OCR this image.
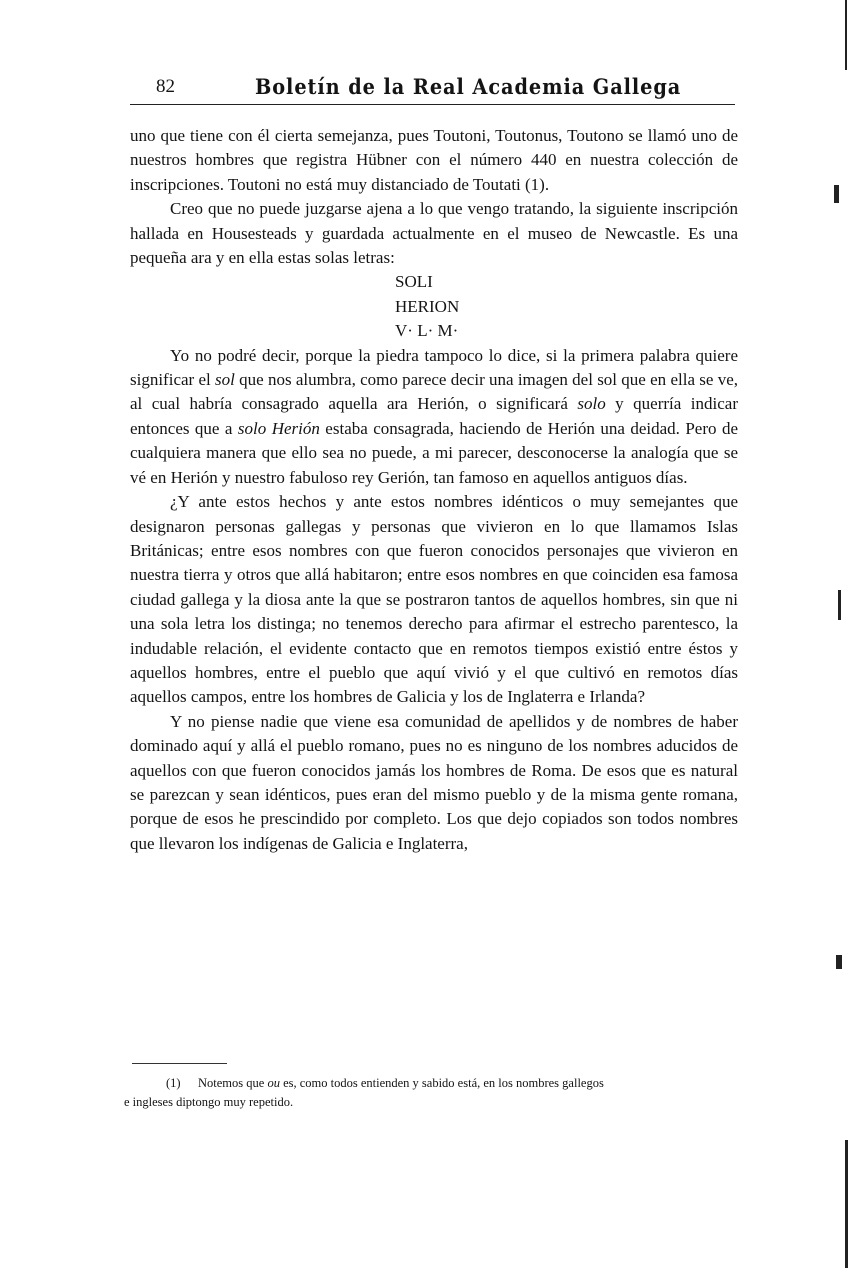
82	Boletín de la Real Academia Gallega

uno que tiene con él cierta semejanza, pues Toutoni, Toutonus, Toutono se llamó uno de nuestros hombres que registra Hübner con el número 440 en nuestra colección de inscripciones. Toutoni no está muy distanciado de Toutati (1).

Creo que no puede juzgarse ajena a lo que vengo tratando, la siguiente inscripción hallada en Housesteads y guardada actualmente en el museo de Newcastle. Es una pequeña ara y en ella estas solas letras:

SOLI
HERION
V· L· M·

Yo no podré decir, porque la piedra tampoco lo dice, si la primera palabra quiere significar el sol que nos alumbra, como parece decir una imagen del sol que en ella se ve, al cual habría consagrado aquella ara Herión, o significará solo y querría indicar entonces que a solo Herión estaba consagrada, haciendo de Herión una deidad. Pero de cualquiera manera que ello sea no puede, a mi parecer, desconocerse la analogía que se vé en Herión y nuestro fabuloso rey Gerión, tan famoso en aquellos antiguos días.

¿Y ante estos hechos y ante estos nombres idénticos o muy semejantes que designaron personas gallegas y personas que vivieron en lo que llamamos Islas Británicas; entre esos nombres con que fueron conocidos personajes que vivieron en nuestra tierra y otros que allá habitaron; entre esos nombres en que coinciden esa famosa ciudad gallega y la diosa ante la que se postraron tantos de aquellos hombres, sin que ni una sola letra los distinga; no tenemos derecho para afirmar el estrecho parentesco, la indudable relación, el evidente contacto que en remotos tiempos existió entre éstos y aquellos hombres, entre el pueblo que aquí vivió y el que cultivó en remotos días aquellos campos, entre los hombres de Galicia y los de Inglaterra e Irlanda?

Y no piense nadie que viene esa comunidad de apellidos y de nombres de haber dominado aquí y allá el pueblo romano, pues no es ninguno de los nombres aducidos de aquellos con que fueron conocidos jamás los hombres de Roma. De esos que es natural se parezcan y sean idénticos, pues eran del mismo pueblo y de la misma gente romana, porque de esos he prescindido por completo. Los que dejo copiados son todos nombres que llevaron los indígenas de Galicia e Inglaterra,

(1) Notemos que ou es, como todos entienden y sabido está, en los nombres gallegos
e ingleses diptongo muy repetido.
